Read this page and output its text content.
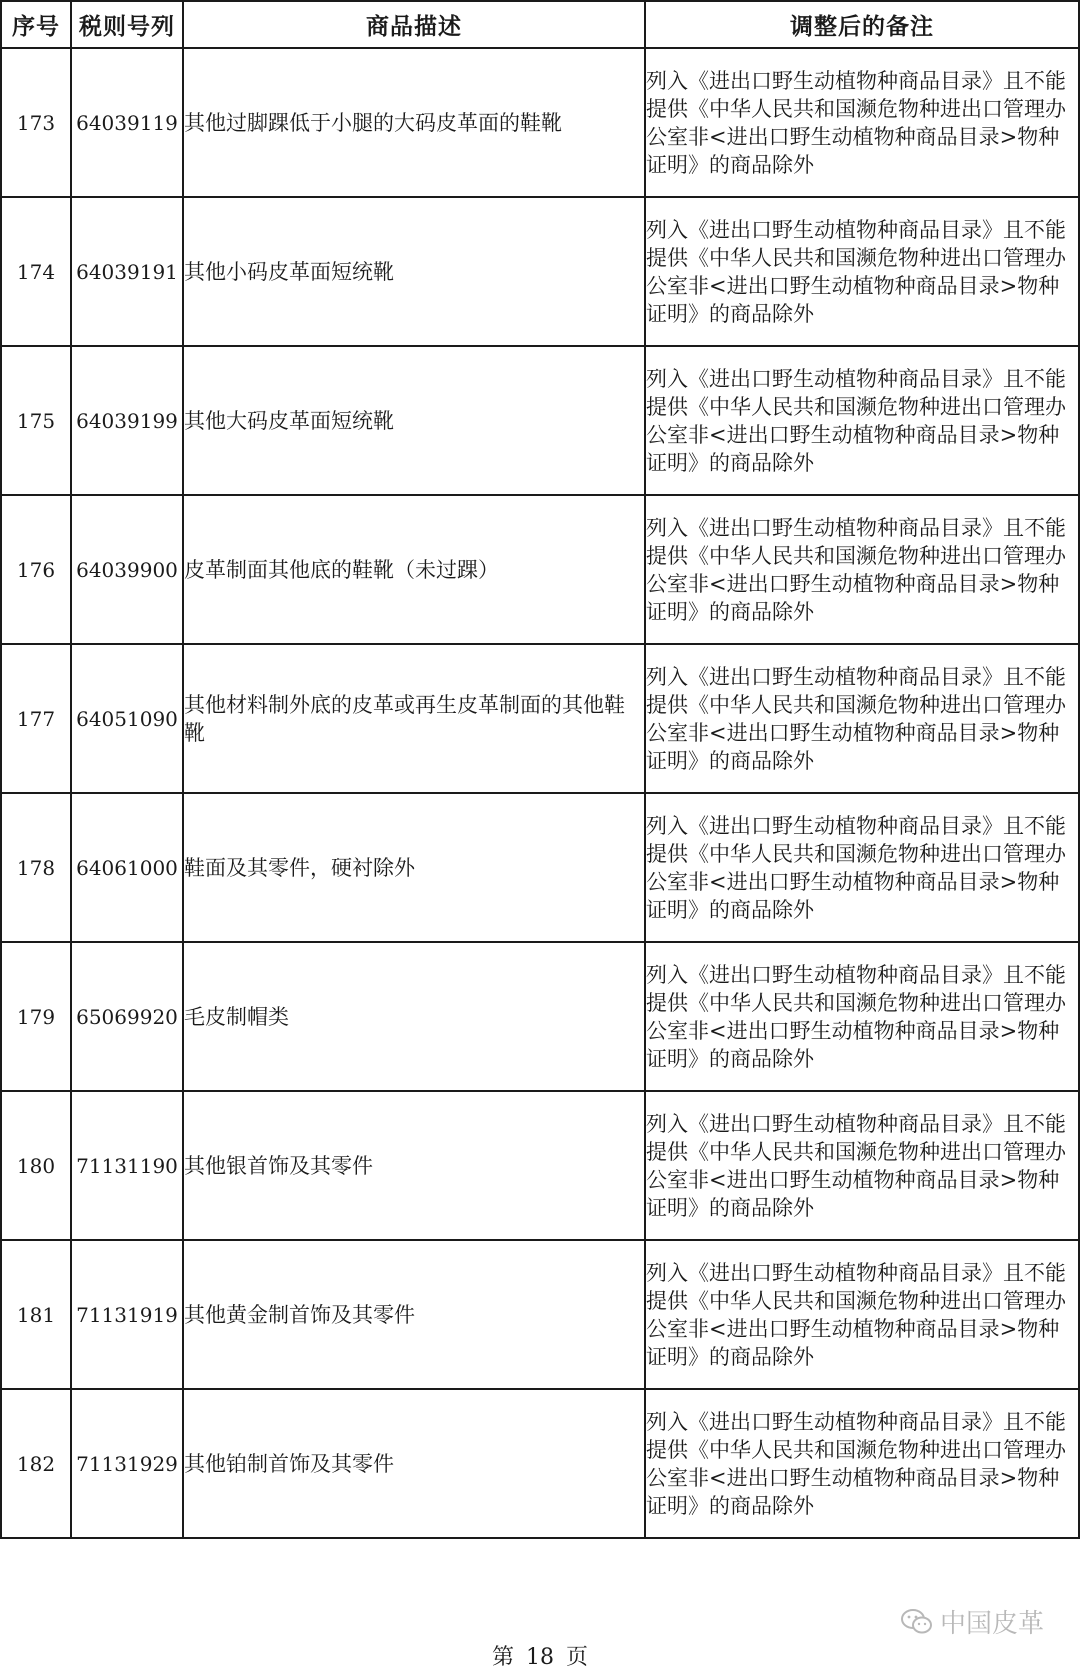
序号	税则号列	商品描述	调整后的备注
173	64039119	其他过脚踝低于小腿的大码皮革面的鞋靴	列入《进出口野生动植物种商品目录》且不能提供《中华人民共和国濒危物种进出口管理办公室非<进出口野生动植物种商品目录>物种证明》的商品除外
174	64039191	其他小码皮革面短统靴	列入《进出口野生动植物种商品目录》且不能提供《中华人民共和国濒危物种进出口管理办公室非<进出口野生动植物种商品目录>物种证明》的商品除外
175	64039199	其他大码皮革面短统靴	列入《进出口野生动植物种商品目录》且不能提供《中华人民共和国濒危物种进出口管理办公室非<进出口野生动植物种商品目录>物种证明》的商品除外
176	64039900	皮革制面其他底的鞋靴（未过踝）	列入《进出口野生动植物种商品目录》且不能提供《中华人民共和国濒危物种进出口管理办公室非<进出口野生动植物种商品目录>物种证明》的商品除外
177	64051090	其他材料制外底的皮革或再生皮革制面的其他鞋靴	列入《进出口野生动植物种商品目录》且不能提供《中华人民共和国濒危物种进出口管理办公室非<进出口野生动植物种商品目录>物种证明》的商品除外
178	64061000	鞋面及其零件，硬衬除外	列入《进出口野生动植物种商品目录》且不能提供《中华人民共和国濒危物种进出口管理办公室非<进出口野生动植物种商品目录>物种证明》的商品除外
179	65069920	毛皮制帽类	列入《进出口野生动植物种商品目录》且不能提供《中华人民共和国濒危物种进出口管理办公室非<进出口野生动植物种商品目录>物种证明》的商品除外
180	71131190	其他银首饰及其零件	列入《进出口野生动植物种商品目录》且不能提供《中华人民共和国濒危物种进出口管理办公室非<进出口野生动植物种商品目录>物种证明》的商品除外
181	71131919	其他黄金制首饰及其零件	列入《进出口野生动植物种商品目录》且不能提供《中华人民共和国濒危物种进出口管理办公室非<进出口野生动植物种商品目录>物种证明》的商品除外
182	71131929	其他铂制首饰及其零件	列入《进出口野生动植物种商品目录》且不能提供《中华人民共和国濒危物种进出口管理办公室非<进出口野生动植物种商品目录>物种证明》的商品除外
中国皮革
第 18 页
